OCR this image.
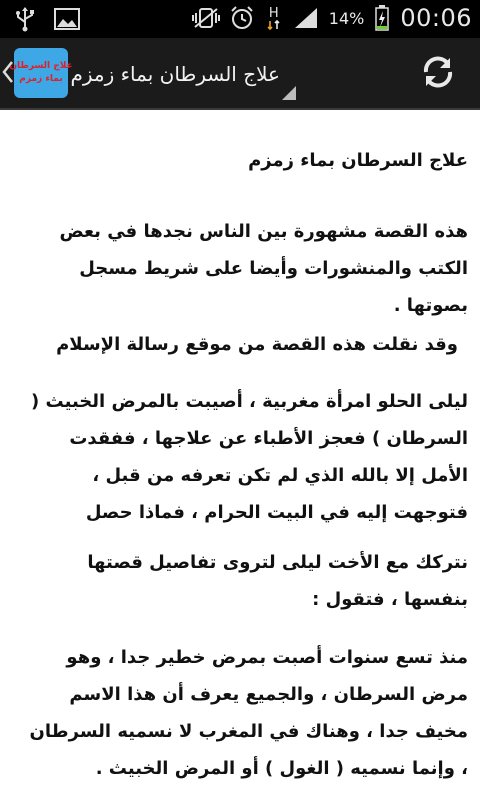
H	14% 00:06
علاج السرطان
بماء زمزم علاج السرطان بماء زمزم
علاج السرطان بماء زمزم
هذه القصة مشهورة بين الناس نجدها في بعض الكتب والمنشورات وأيضا على شريط مسجل بصوتها .
وقد نقلت هذه القصة من موقع رسالة الإسلام
ليلى الحلو امرأة مغربية ، أصيبت بالمرض الخبيث ( السرطان ) فعجز الأطباء عن علاجها ، ففقدت الأمل إلا بالله الذي لم تكن تعرفه من قبل ، فتوجهت إليه في البيت الحرام ، فماذا حصل
نتركك مع الأخت ليلى لتروى تفاصيل قصتها بنفسها ، فتقول :
منذ تسع سنوات أصبت بمرض خطير جدا ، وهو مرض السرطان ، والجميع يعرف أن هذا الاسم مخيف جدا ، وهناك في المغرب لا نسميه السرطان ، وإنما نسميه ( الغول ) أو المرض الخبيث .
